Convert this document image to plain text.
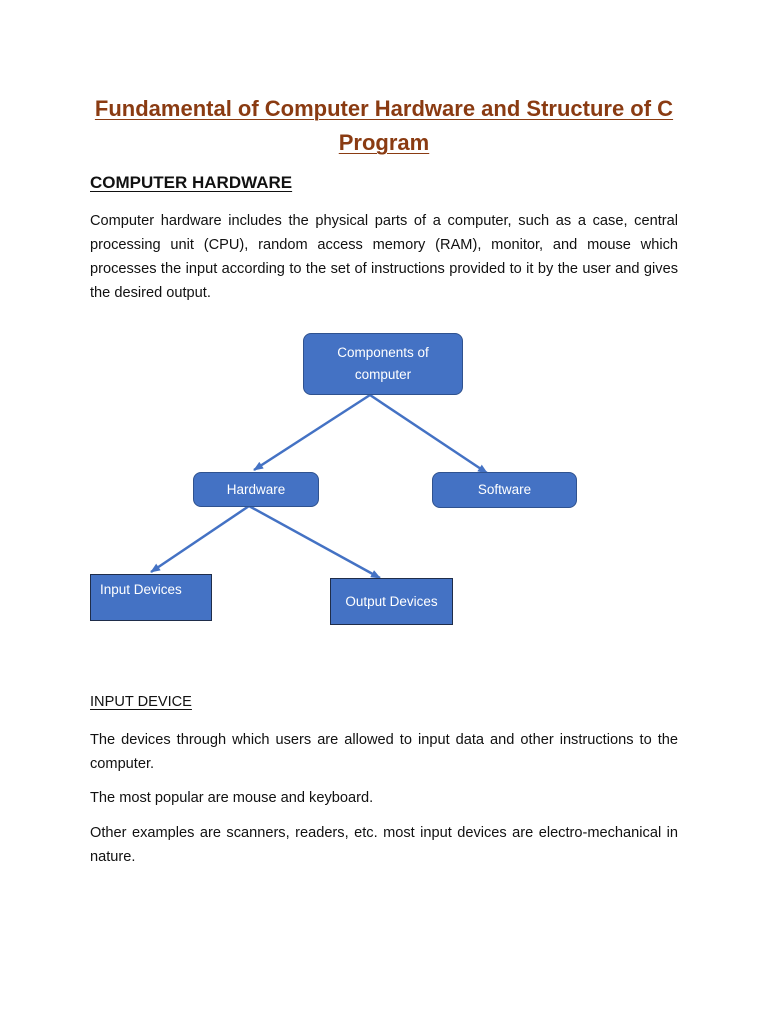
Fundamental of Computer Hardware and Structure of C
Program
COMPUTER HARDWARE

Computer hardware includes the physical parts of a computer, such as a case, central processing unit (CPU), random access memory (RAM), monitor, and mouse which processes the input according to the set of instructions provided to it by the user and gives the desired output.

Components of
computer
Hardware	Software
Input Devices
Output Devices
INPUT DEVICE

The devices through which users are allowed to input data and other instructions to the computer.

The most popular are mouse and keyboard.

Other examples are scanners, readers, etc. most input devices are electro-mechanical in nature.
